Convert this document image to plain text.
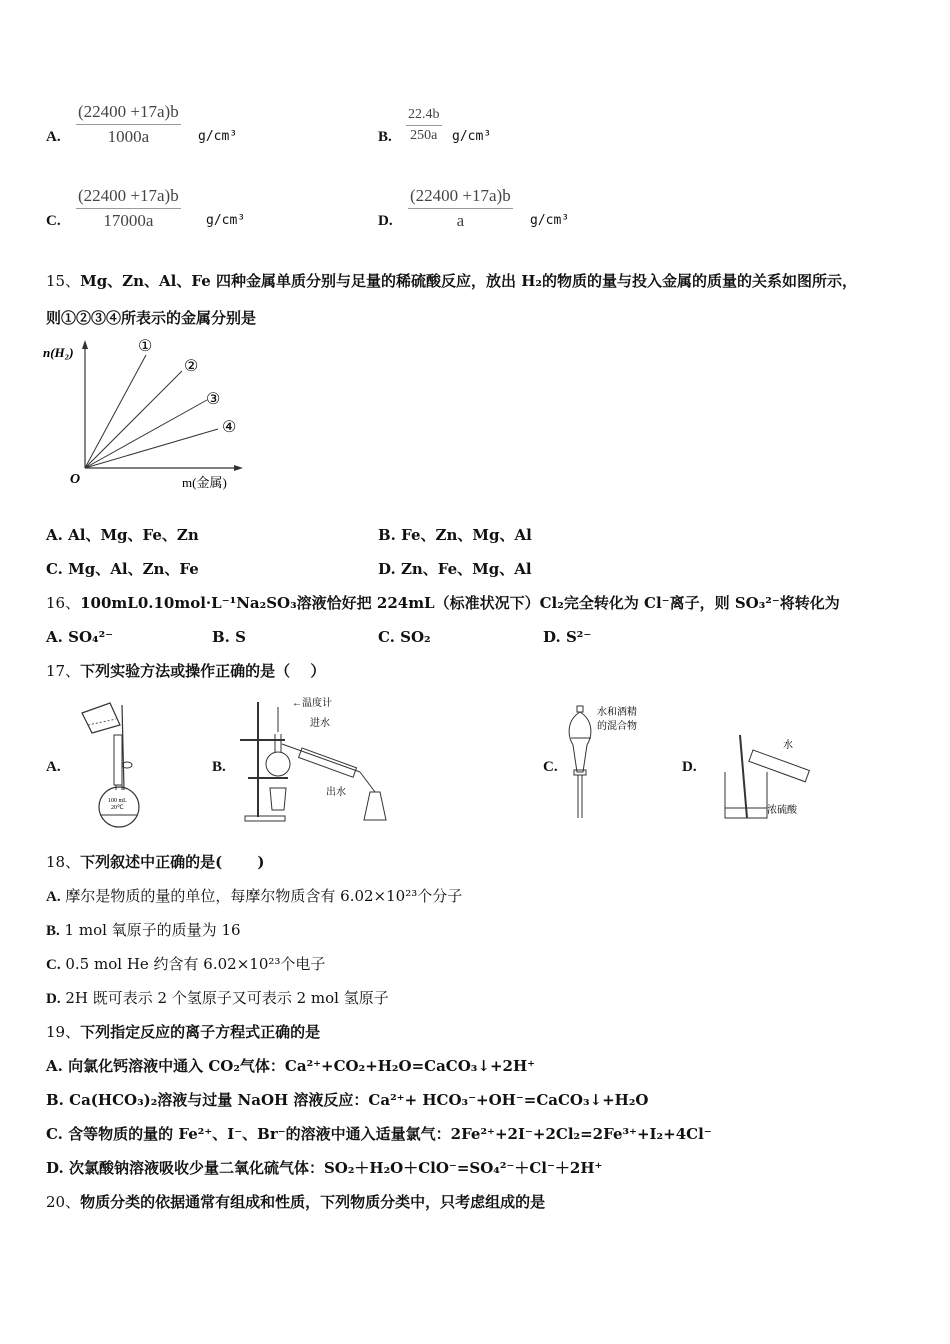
A. $\frac{(22400 +17a)b}{1000a} g/cm^3$	B. $\frac{22.4b}{250a} g/cm^3$
C. $\frac{(22400 +17a)b}{17000a} g/cm^3$	D. $\frac{(22400 +17a)b}{a} g/cm^3$
15、Mg、Zn、Al、Fe 四种金属单质分别与足量的稀硫酸反应，放出 H₂的物质的量与投入金属的质量的关系如图所示，
则①②③④所表示的金属分别是
n(H₂)
O	m(金属)
①
②
③
④
A. Al、Mg、Fe、Zn	B. Fe、Zn、Mg、Al
C. Mg、Al、Zn、Fe	D. Zn、Fe、Mg、Al
16、100mL0.10mol·L⁻¹Na₂SO₃溶液恰好把 224mL（标准状况下）Cl₂完全转化为 Cl⁻离子，则 SO₃²⁻将转化为
A. SO₄²⁻	B. S	C. SO₂	D. S²⁻
17、下列实验方法或操作正确的是（　 ）
A.
100 mL
20℃
B.
←温度计
进水
出水
C.
水和酒精
的混合物
D.
水
浓硫酸
18、下列叙述中正确的是(　　 )
A. 摩尔是物质的量的单位，每摩尔物质含有 6.02×10²³个分子
B. 1 mol 氧原子的质量为 16
C. 0.5 mol He 约含有 6.02×10²³个电子
D. 2H 既可表示 2 个氢原子又可表示 2 mol 氢原子
19、下列指定反应的离子方程式正确的是
A. 向氯化钙溶液中通入 CO₂气体：Ca²⁺+CO₂+H₂O=CaCO₃↓+2H⁺
B. Ca(HCO₃)₂溶液与过量 NaOH 溶液反应：Ca²⁺+ HCO₃⁻+OH⁻=CaCO₃↓+H₂O
C. 含等物质的量的 Fe²⁺、I⁻、Br⁻的溶液中通入适量氯气：2Fe²⁺+2I⁻+2Cl₂=2Fe³⁺+I₂+4Cl⁻
D. 次氯酸钠溶液吸收少量二氧化硫气体：SO₂＋H₂O＋ClO⁻=SO₄²⁻＋Cl⁻＋2H⁺
20、物质分类的依据通常有组成和性质，下列物质分类中，只考虑组成的是
